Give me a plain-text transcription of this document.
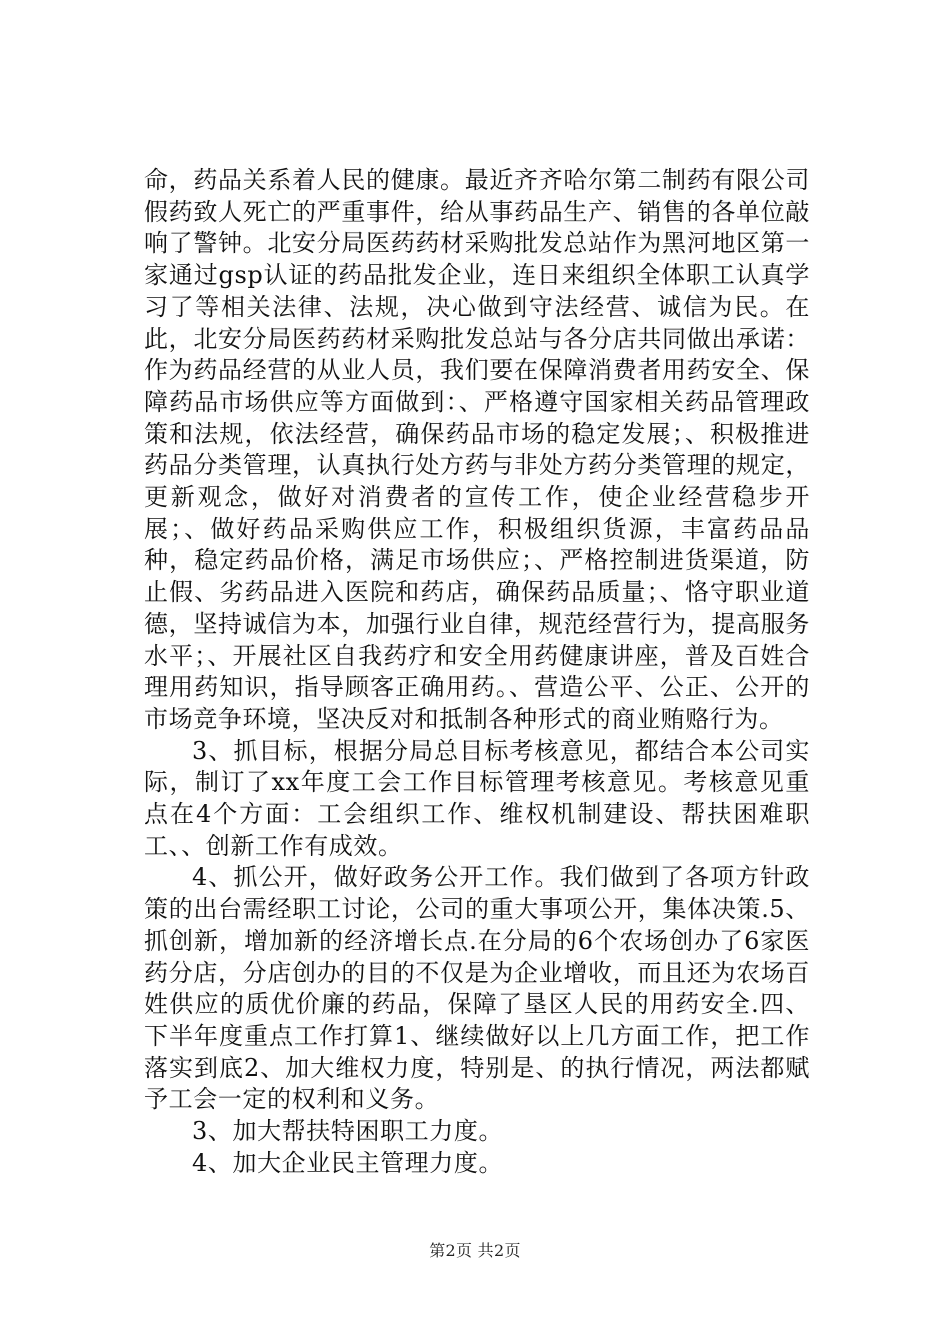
命，药品关系着人民的健康。最近齐齐哈尔第二制药有限公司假药致人死亡的严重事件，给从事药品生产、销售的各单位敲响了警钟。北安分局医药药材采购批发总站作为黑河地区第一家通过gsp认证的药品批发企业，连日来组织全体职工认真学习了等相关法律、法规，决心做到守法经营、诚信为民。在此，北安分局医药药材采购批发总站与各分店共同做出承诺：作为药品经营的从业人员，我们要在保障消费者用药安全、保障药品市场供应等方面做到：、严格遵守国家相关药品管理政策和法规，依法经营，确保药品市场的稳定发展；、积极推进药品分类管理，认真执行处方药与非处方药分类管理的规定，更新观念，做好对消费者的宣传工作，使企业经营稳步开展；、做好药品采购供应工作，积极组织货源，丰富药品品种，稳定药品价格，满足市场供应；、严格控制进货渠道，防止假、劣药品进入医院和药店，确保药品质量；、恪守职业道德，坚持诚信为本，加强行业自律，规范经营行为，提高服务水平；、开展社区自我药疗和安全用药健康讲座，普及百姓合理用药知识，指导顾客正确用药。、营造公平、公正、公开的市场竞争环境，坚决反对和抵制各种形式的商业贿赂行为。

3、抓目标，根据分局总目标考核意见，都结合本公司实际，制订了xx年度工会工作目标管理考核意见。考核意见重点在4个方面：工会组织工作、维权机制建设、帮扶困难职工、、创新工作有成效。

4、抓公开，做好政务公开工作。我们做到了各项方针政策的出台需经职工讨论，公司的重大事项公开，集体决策.5、抓创新，增加新的经济增长点.在分局的6个农场创办了6家医药分店，分店创办的目的不仅是为企业增收，而且还为农场百姓供应的质优价廉的药品，保障了垦区人民的用药安全.四、下半年度重点工作打算1、继续做好以上几方面工作，把工作落实到底2、加大维权力度，特别是、的执行情况，两法都赋予工会一定的权利和义务。

3、加大帮扶特困职工力度。

4、加大企业民主管理力度。

第2页 共2页
